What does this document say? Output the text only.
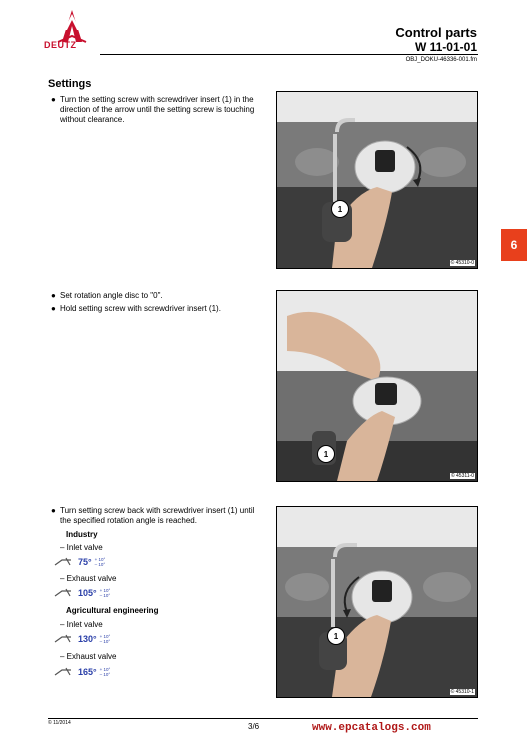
DEUTZ
Control parts
W 11-01-01
OBJ_DOKU-46336-001.fm
6
Settings
● Turn the setting screw with screwdriver insert (1) in the direction of the arrow until the setting screw is touching without clearance.
1
© 45310-0
● Set rotation angle disc to "0".
● Hold setting screw with screwdriver insert (1).
1
© 45311-0
● Turn setting screw back with screwdriver insert (1) until the specified rotation angle is reached.
Industry
– Inlet valve
75° + 10°
– 10°
– Exhaust valve
105° + 10°
– 10°
Agricultural engineering
– Inlet valve
130° + 10°
– 10°
– Exhaust valve
165° + 10°
– 10°
1
© 45310-1
© 11/2014	3/6	www.epcatalogs.com
